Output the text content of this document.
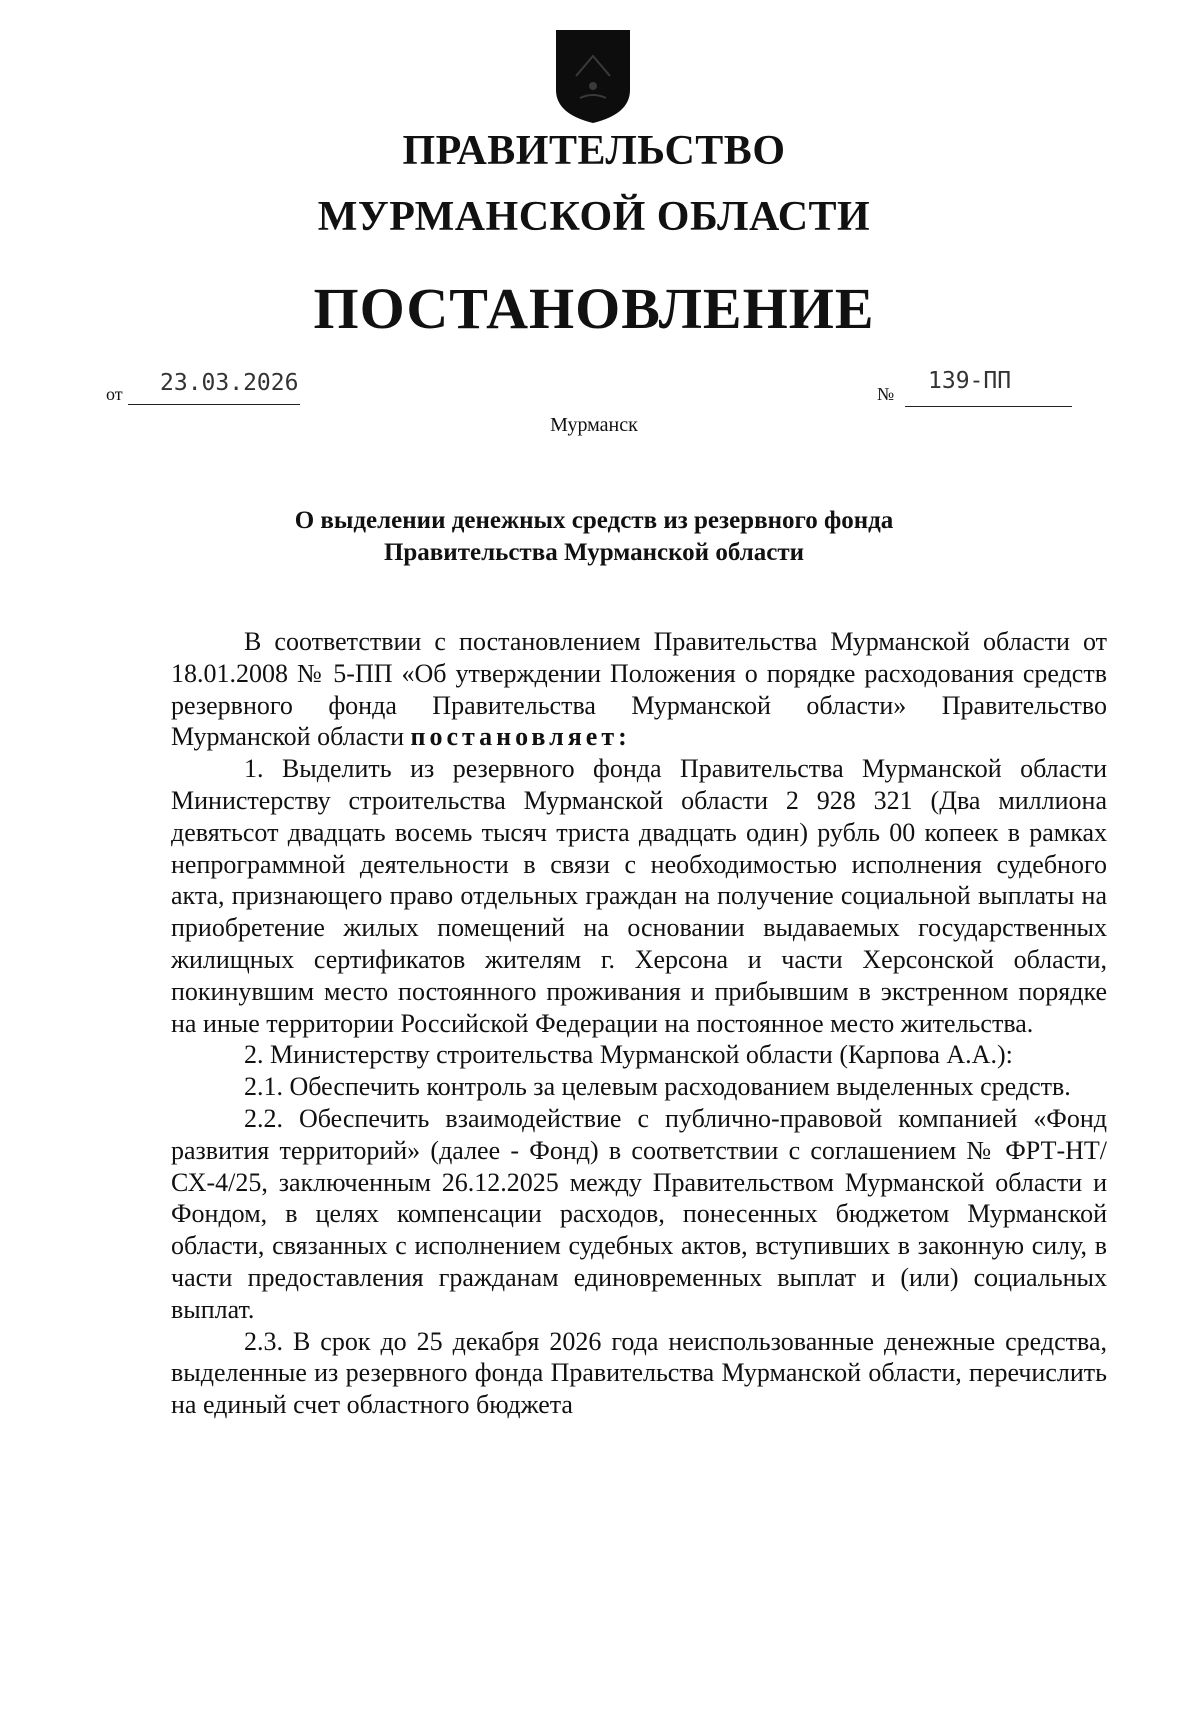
ПРАВИТЕЛЬСТВО
МУРМАНСКОЙ ОБЛАСТИ
ПОСТАНОВЛЕНИЕ
от 23.03.2026	№ 139-ПП
Мурманск
О выделении денежных средств из резервного фонда
Правительства Мурманской области

В соответствии с постановлением Правительства Мурманской области от 18.01.2008 № 5-ПП «Об утверждении Положения о порядке расходования средств резервного фонда Правительства Мурманской области» Правительство Мурманской области постановляет:

1. Выделить из резервного фонда Правительства Мурманской области Министерству строительства Мурманской области 2 928 321 (Два миллиона девятьсот двадцать восемь тысяч триста двадцать один) рубль 00 копеек в рамках непрограммной деятельности в связи с необходимостью исполнения судебного акта, признающего право отдельных граждан на получение социальной выплаты на приобретение жилых помещений на основании выдаваемых государственных жилищных сертификатов жителям г. Херсона и части Херсонской области, покинувшим место постоянного проживания и прибывшим в экстренном порядке на иные территории Российской Федерации на постоянное место жительства.

2. Министерству строительства Мурманской области (Карпова А.А.):

2.1. Обеспечить контроль за целевым расходованием выделенных средств.

2.2. Обеспечить взаимодействие с публично-правовой компанией «Фонд развития территорий» (далее - Фонд) в соответствии с соглашением № ФРТ-НТ/СХ-4/25, заключенным 26.12.2025 между Правительством Мурманской области и Фондом, в целях компенсации расходов, понесенных бюджетом Мурманской области, связанных с исполнением судебных актов, вступивших в законную силу, в части предоставления гражданам единовременных выплат и (или) социальных выплат.

2.3. В срок до 25 декабря 2026 года неиспользованные денежные средства, выделенные из резервного фонда Правительства Мурманской области, перечислить на единый счет областного бюджета
